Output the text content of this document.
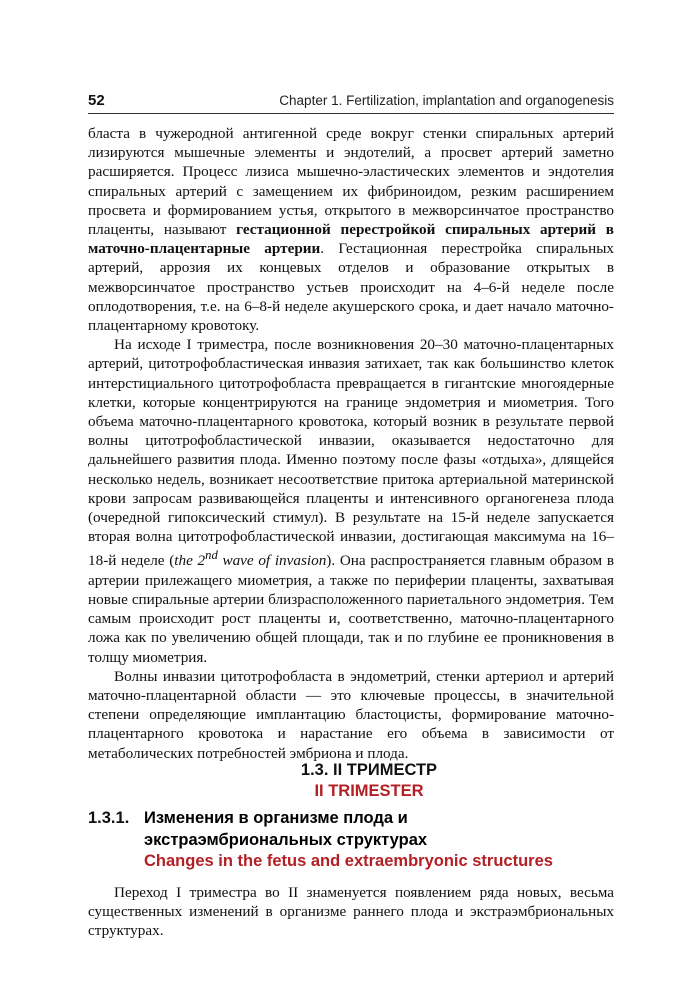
52	Chapter 1. Fertilization, implantation and organogenesis

бласта в чужеродной антигенной среде вокруг стенки спиральных артерий лизируются мышечные элементы и эндотелий, а просвет артерий заметно расширяется. Процесс лизиса мышечно-эластических элементов и эндотелия спиральных артерий с замещением их фибриноидом, резким расширением просвета и формированием устья, открытого в межворсинчатое пространство плаценты, называют гестационной перестройкой спиральных артерий в маточно-плацентарные артерии. Гестационная перестройка спиральных артерий, аррозия их концевых отделов и образование открытых в межворсинчатое пространство устьев происходит на 4–6-й неделе после оплодотворения, т.е. на 6–8-й неделе акушерского срока, и дает начало маточно-плацентарному кровотоку.

На исходе I триместра, после возникновения 20–30 маточно-плацентарных артерий, цитотрофобластическая инвазия затихает, так как большинство клеток интерстициального цитотрофобласта превращается в гигантские многоядерные клетки, которые концентрируются на границе эндометрия и миометрия. Того объема маточно-плацентарного кровотока, который возник в результате первой волны цитотрофобластической инвазии, оказывается недостаточно для дальнейшего развития плода. Именно поэтому после фазы «отдыха», длящейся несколько недель, возникает несоответствие притока артериальной материнской крови запросам развивающейся плаценты и интенсивного органогенеза плода (очередной гипоксический стимул). В результате на 15-й неделе запускается вторая волна цитотрофобластической инвазии, достигающая максимума на 16–18-й неделе (the 2nd wave of invasion). Она распространяется главным образом в артерии прилежащего миометрия, а также по периферии плаценты, захватывая новые спиральные артерии близрасположенного париетального эндометрия. Тем самым происходит рост плаценты и, соответственно, маточно-плацентарного ложа как по увеличению общей площади, так и по глубине ее проникновения в толщу миометрия.

Волны инвазии цитотрофобласта в эндометрий, стенки артериол и артерий маточно-плацентарной области — это ключевые процессы, в значительной степени определяющие имплантацию бластоцисты, формирование маточно-плацентарного кровотока и нарастание его объема в зависимости от метаболических потребностей эмбриона и плода.

1.3. II ТРИМЕСТР
II TRIMESTER
1.3.1. Изменения в организме плода и
экстраэмбриональных структурах
Changes in the fetus and extraembryonic structures

Переход I триместра во II знаменуется появлением ряда новых, весьма существенных изменений в организме раннего плода и экстраэмбриональных структурах.
